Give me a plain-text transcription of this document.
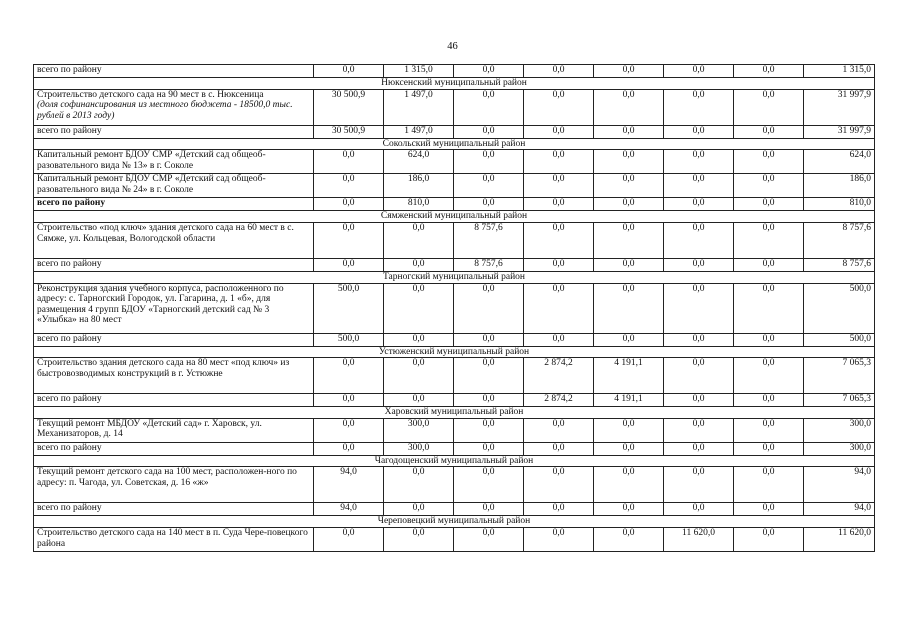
46
всего по району	0,0	1 315,0	0,0	0,0	0,0	0,0	0,0	1 315,0
Нюксенский муниципальный район								
Строительство детского сада на 90 мест в с. Нюксеница
(доля софинансирования из местного бюджета - 18500,0 тыс. рублей в 2013 году)	30 500,9	1 497,0	0,0	0,0	0,0	0,0	0,0	31 997,9
всего по району	30 500,9	1 497,0	0,0	0,0	0,0	0,0	0,0	31 997,9
Сокольский муниципальный район								
Капитальный ремонт БДОУ СМР «Детский сад общеоб-разовательного вида № 13» в г. Соколе	0,0	624,0	0,0	0,0	0,0	0,0	0,0	624,0
Капитальный ремонт БДОУ СМР «Детский сад общеоб-разовательного вида № 24» в г. Соколе	0,0	186,0	0,0	0,0	0,0	0,0	0,0	186,0
всего по району	0,0	810,0	0,0	0,0	0,0	0,0	0,0	810,0
Сямженский муниципальный район								
Строительство «под ключ» здания детского сада на 60 мест в с. Сямже, ул. Кольцевая, Вологодской области	0,0	0,0	8 757,6	0,0	0,0	0,0	0,0	8 757,6
всего по району	0,0	0,0	8 757,6	0,0	0,0	0,0	0,0	8 757,6
Тарногский муниципальный район								
Реконструкция здания учебного корпуса, расположенного по адресу: с. Тарногский Городок, ул. Гагарина, д. 1 «б», для размещения 4 групп БДОУ «Тарногский детский сад № 3 «Улыбка» на 80 мест	500,0	0,0	0,0	0,0	0,0	0,0	0,0	500,0
всего по району	500,0	0,0	0,0	0,0	0,0	0,0	0,0	500,0
Устюженский муниципальный район								
Строительство здания детского сада на 80 мест «под ключ» из быстровозводимых конструкций в г. Устюжне	0,0	0,0	0,0	2 874,2	4 191,1	0,0	0,0	7 065,3
всего по району	0,0	0,0	0,0	2 874,2	4 191,1	0,0	0,0	7 065,3
Харовский муниципальный район								
Текущий ремонт МБДОУ «Детский сад» г. Харовск, ул. Механизаторов, д. 14	0,0	300,0	0,0	0,0	0,0	0,0	0,0	300,0
всего по району	0,0	300,0	0,0	0,0	0,0	0,0	0,0	300,0
Чагодощенский муниципальный район								
Текущий ремонт детского сада на 100 мест, расположен-ного по адресу: п. Чагода, ул. Советская, д. 16 «ж»	94,0	0,0	0,0	0,0	0,0	0,0	0,0	94,0
всего по району	94,0	0,0	0,0	0,0	0,0	0,0	0,0	94,0
Череповецкий муниципальный район								
Строительство детского сада на 140 мест в п. Суда Чере-повецкого района	0,0	0,0	0,0	0,0	0,0	11 620,0	0,0	11 620,0
